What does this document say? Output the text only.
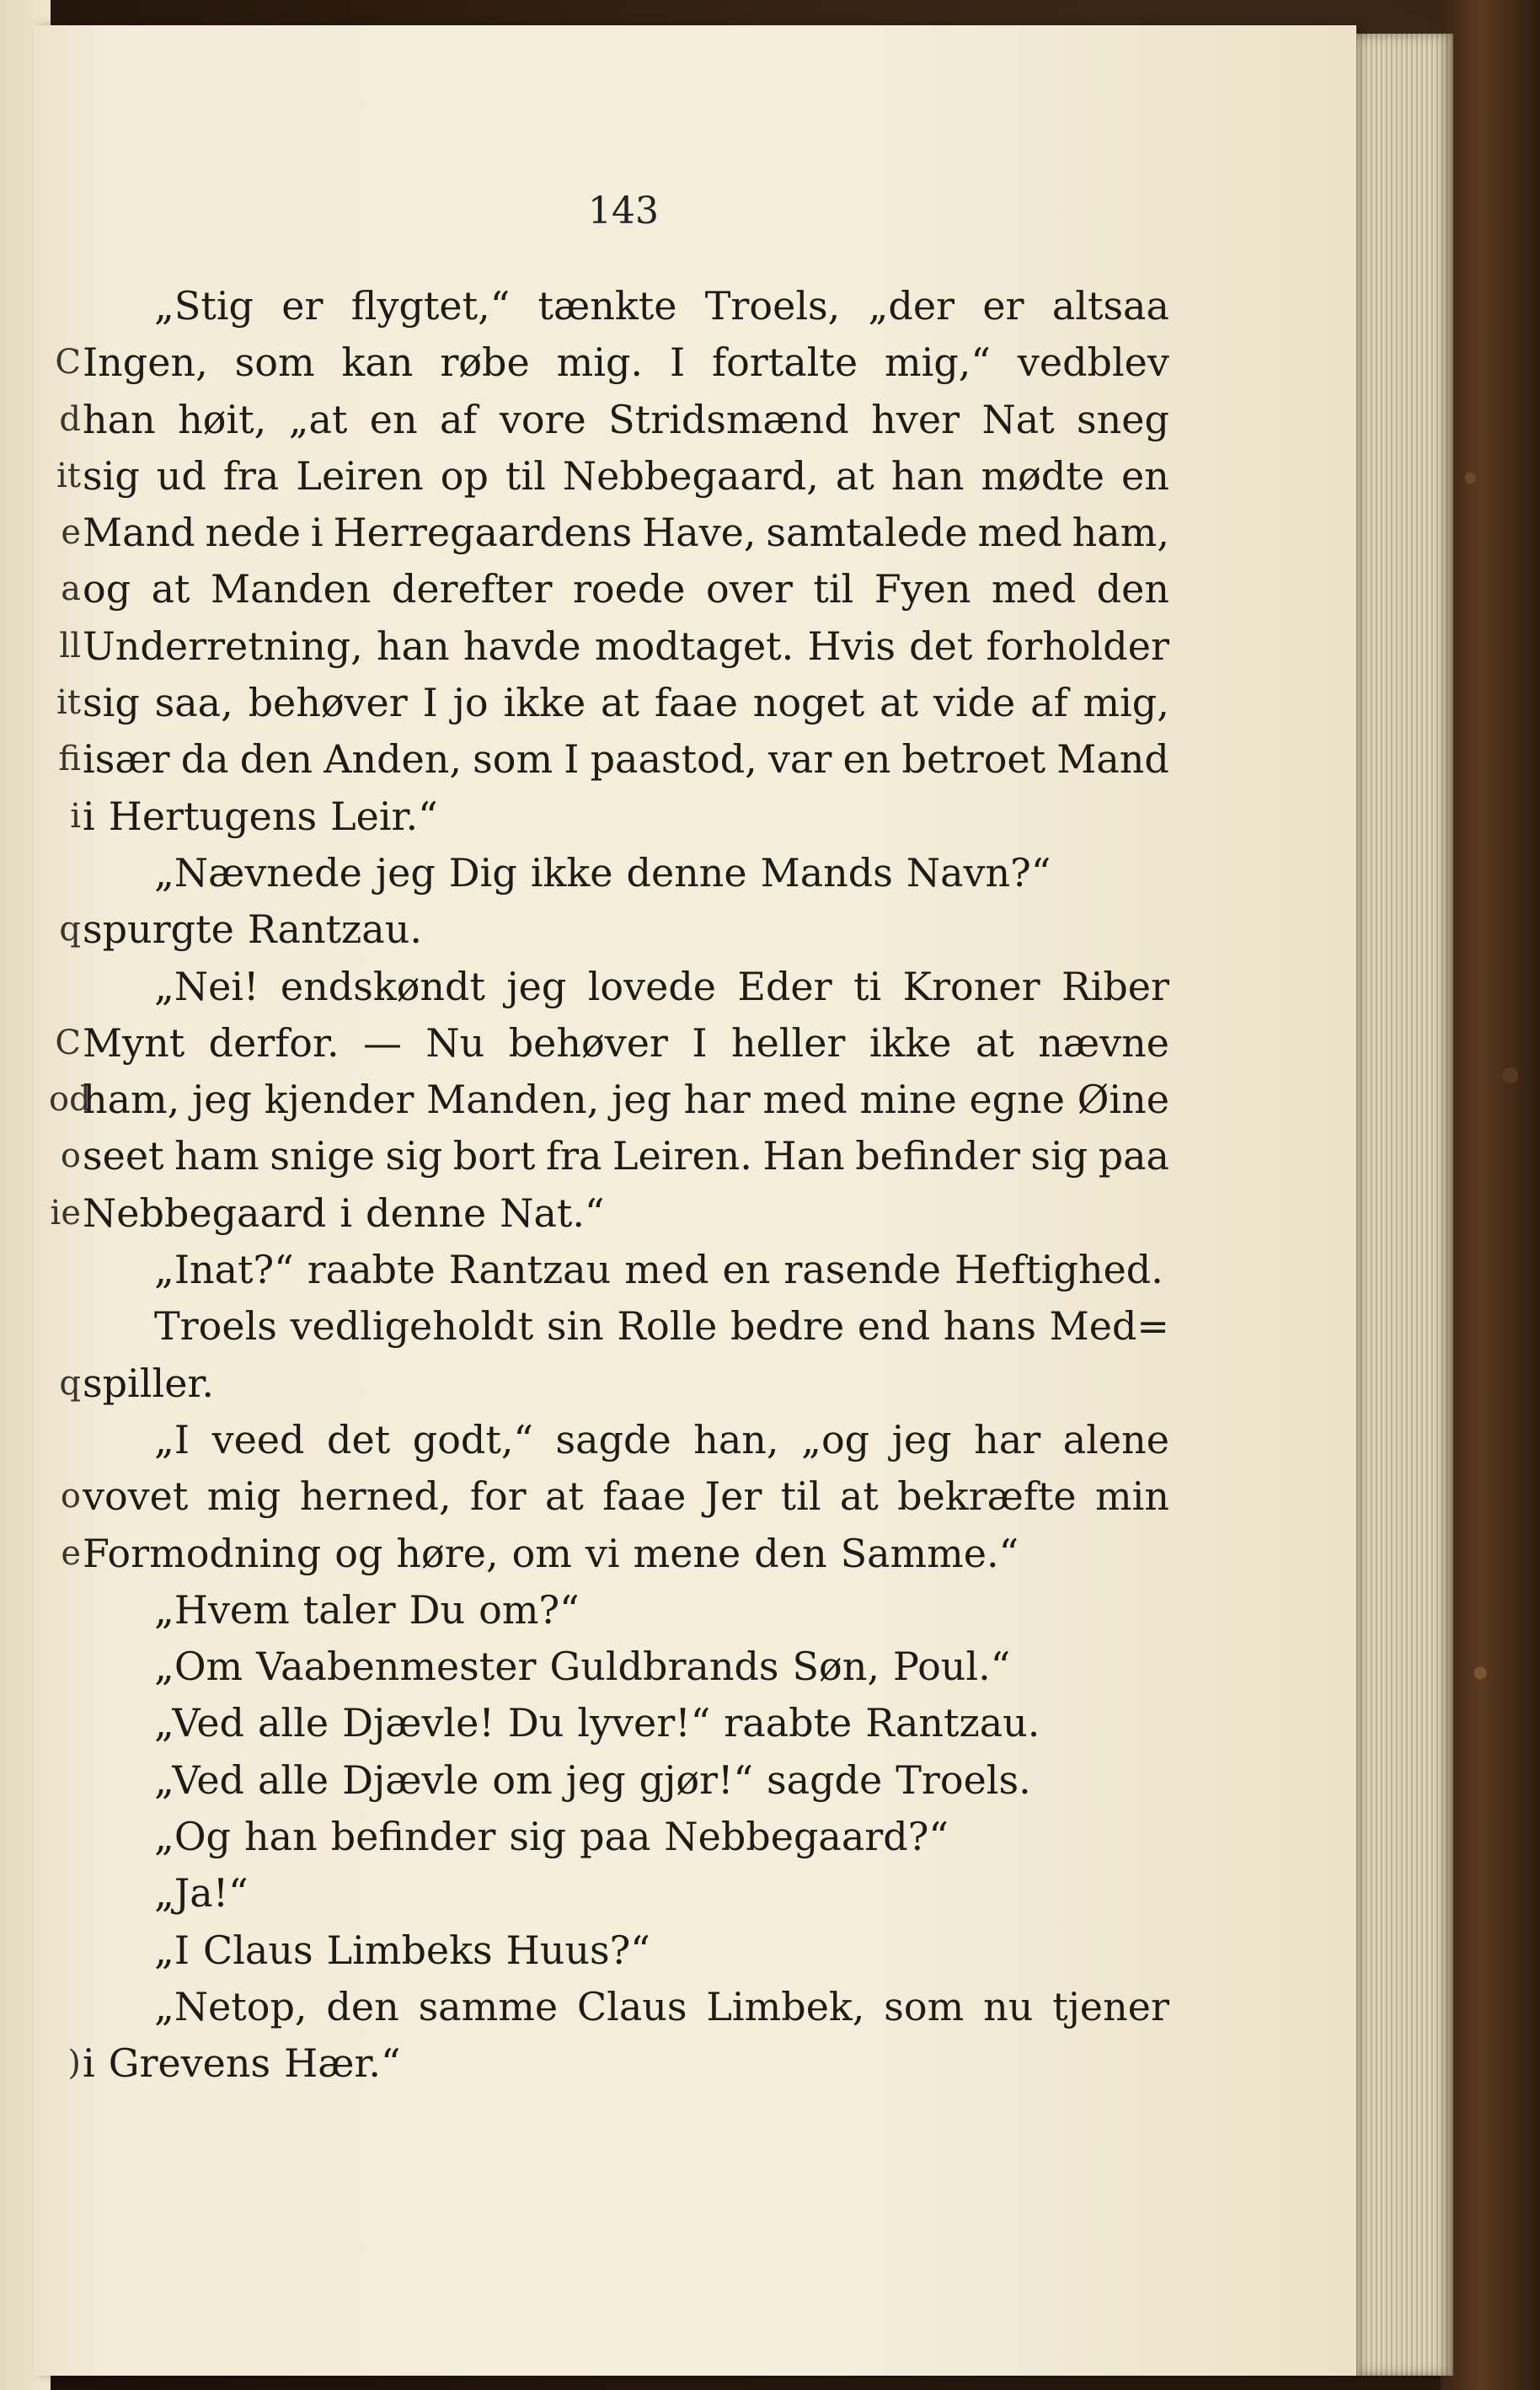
143
„Stig er flygtet,“ tænkte Troels, „der er altsaa
C Ingen, som kan røbe mig. I fortalte mig,“ vedblev
d han høit, „at en af vore Stridsmænd hver Nat sneg
it sig ud fra Leiren op til Nebbegaard, at han mødte en
e Mand nede i Herregaardens Have, samtalede med ham,
a og at Manden derefter roede over til Fyen med den
ll Underretning, han havde modtaget. Hvis det forholder
it sig saa, behøver I jo ikke at faae noget at vide af mig,
fi især da den Anden, som I paastod, var en betroet Mand
i i Hertugens Leir.“
„Nævnede jeg Dig ikke denne Mands Navn?“
q spurgte Rantzau.
„Nei! endskøndt jeg lovede Eder ti Kroner Riber
C Mynt derfor. — Nu behøver I heller ikke at nævne
od
ham, jeg kjender Manden, jeg har med mine egne Øine
o seet ham snige sig bort fra Leiren. Han befinder sig paa
ie Nebbegaard i denne Nat.“
„Inat?“ raabte Rantzau med en rasende Heftighed.
Troels vedligeholdt sin Rolle bedre end hans Med=
q spiller.
„I veed det godt,“ sagde han, „og jeg har alene
o vovet mig herned, for at faae Jer til at bekræfte min
e Formodning og høre, om vi mene den Samme.“
„Hvem taler Du om?“
„Om Vaabenmester Guldbrands Søn, Poul.“
„Ved alle Djævle! Du lyver!“ raabte Rantzau.
„Ved alle Djævle om jeg gjør!“ sagde Troels.
„Og han befinder sig paa Nebbegaard?“
„Ja!“
„I Claus Limbeks Huus?“
„Netop, den samme Claus Limbek, som nu tjener
) i Grevens Hær.“
